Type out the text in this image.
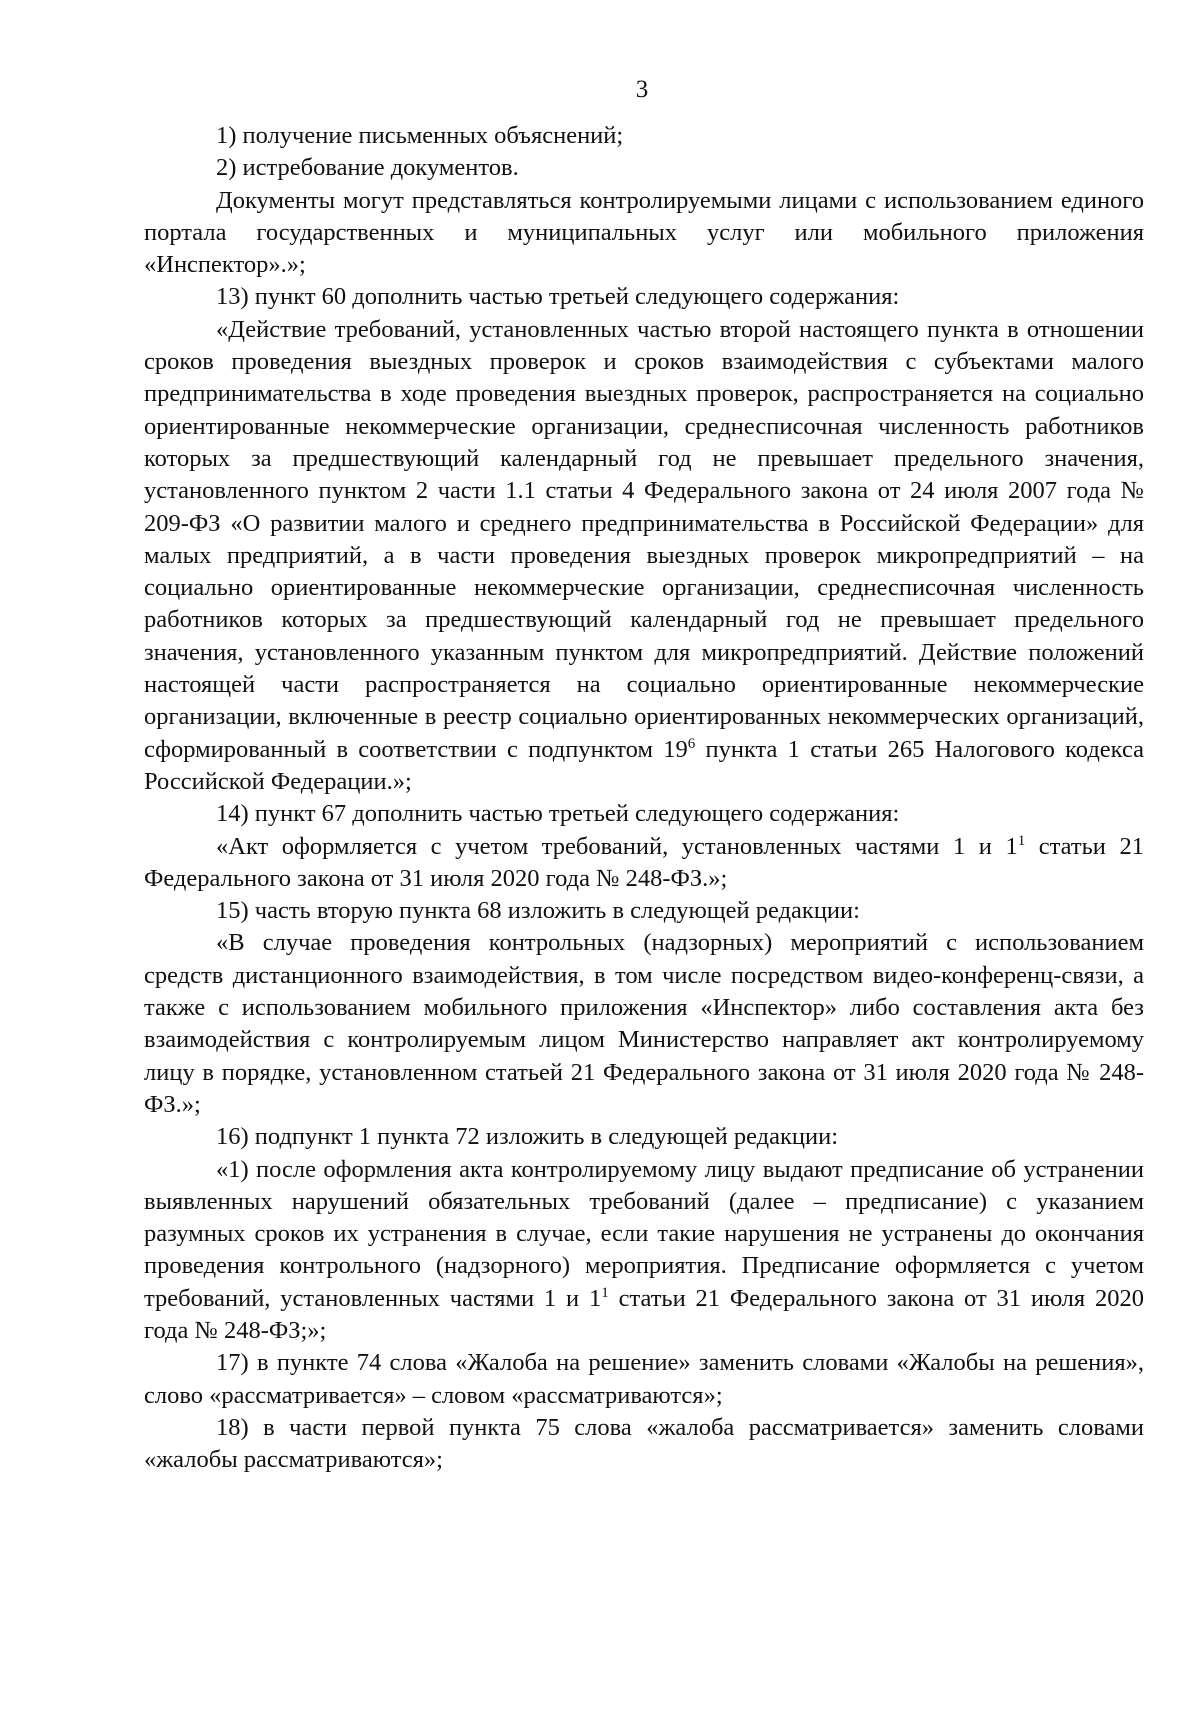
3

1) получение письменных объяснений;

2) истребование документов.

Документы могут представляться контролируемыми лицами с использованием единого портала государственных и муниципальных услуг или мобильного приложения «Инспектор».»;

13) пункт 60 дополнить частью третьей следующего содержания:

«Действие требований, установленных частью второй настоящего пункта в отношении сроков проведения выездных проверок и сроков взаимодействия с субъектами малого предпринимательства в ходе проведения выездных проверок, распространяется на социально ориентированные некоммерческие организации, среднесписочная численность работников которых за предшествующий календарный год не превышает предельного значения, установленного пунктом 2 части 1.1 статьи 4 Федерального закона от 24 июля 2007 года № 209-ФЗ «О развитии малого и среднего предпринимательства в Российской Федерации» для малых предприятий, а в части проведения выездных проверок микропредприятий – на социально ориентированные некоммерческие организации, среднесписочная численность работников которых за предшествующий календарный год не превышает предельного значения, установленного указанным пунктом для микропредприятий. Действие положений настоящей части распространяется на социально ориентированные некоммерческие организации, включенные в реестр социально ориентированных некоммерческих организаций, сформированный в соответствии с подпунктом $19^6$ пункта 1 статьи 265 Налогового кодекса Российской Федерации.»;

14) пункт 67 дополнить частью третьей следующего содержания:

«Акт оформляется с учетом требований, установленных частями 1 и $1^1$ статьи 21 Федерального закона от 31 июля 2020 года № 248-ФЗ.»;

15) часть вторую пункта 68 изложить в следующей редакции:

«В случае проведения контрольных (надзорных) мероприятий с использованием средств дистанционного взаимодействия, в том числе посредством видео-конференц-связи, а также с использованием мобильного приложения «Инспектор» либо составления акта без взаимодействия с контролируемым лицом Министерство направляет акт контролируемому лицу в порядке, установленном статьей 21 Федерального закона от 31 июля 2020 года № 248-ФЗ.»;

16) подпункт 1 пункта 72 изложить в следующей редакции:

«1) после оформления акта контролируемому лицу выдают предписание об устранении выявленных нарушений обязательных требований (далее – предписание) с указанием разумных сроков их устранения в случае, если такие нарушения не устранены до окончания проведения контрольного (надзорного) мероприятия. Предписание оформляется с учетом требований, установленных частями 1 и $1^1$ статьи 21 Федерального закона от 31 июля 2020 года № 248-ФЗ;»;

17) в пункте 74 слова «Жалоба на решение» заменить словами «Жалобы на решения», слово «рассматривается» – словом «рассматриваются»;

18) в части первой пункта 75 слова «жалоба рассматривается» заменить словами «жалобы рассматриваются»;
